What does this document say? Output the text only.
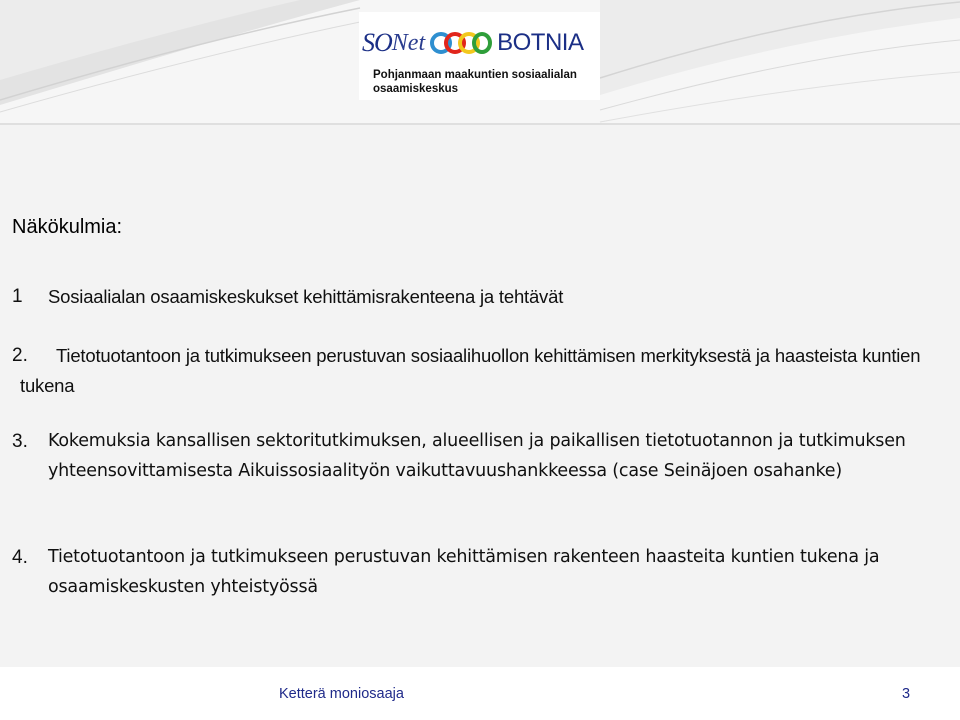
SONet	BOTNIA
Pohjanmaan maakuntien sosiaalialan osaamiskeskus
Näkökulmia:
1	Sosiaalialan osaamiskeskukset kehittämisrakenteena ja tehtävät
2.	Tietotuotantoon ja tutkimukseen perustuvan sosiaalihuollon kehittämisen merkityksestä ja haasteista kuntien tukena
3.	Kokemuksia kansallisen sektoritutkimuksen, alueellisen ja paikallisen tietotuotannon ja tutkimuksen yhteensovittamisesta Aikuissosiaalityön vaikuttavuushankkeessa (case Seinäjoen osahanke)
4.	Tietotuotantoon ja tutkimukseen perustuvan kehittämisen rakenteen haasteita kuntien tukena ja osaamiskeskusten yhteistyössä
Ketterä moniosaaja	3
